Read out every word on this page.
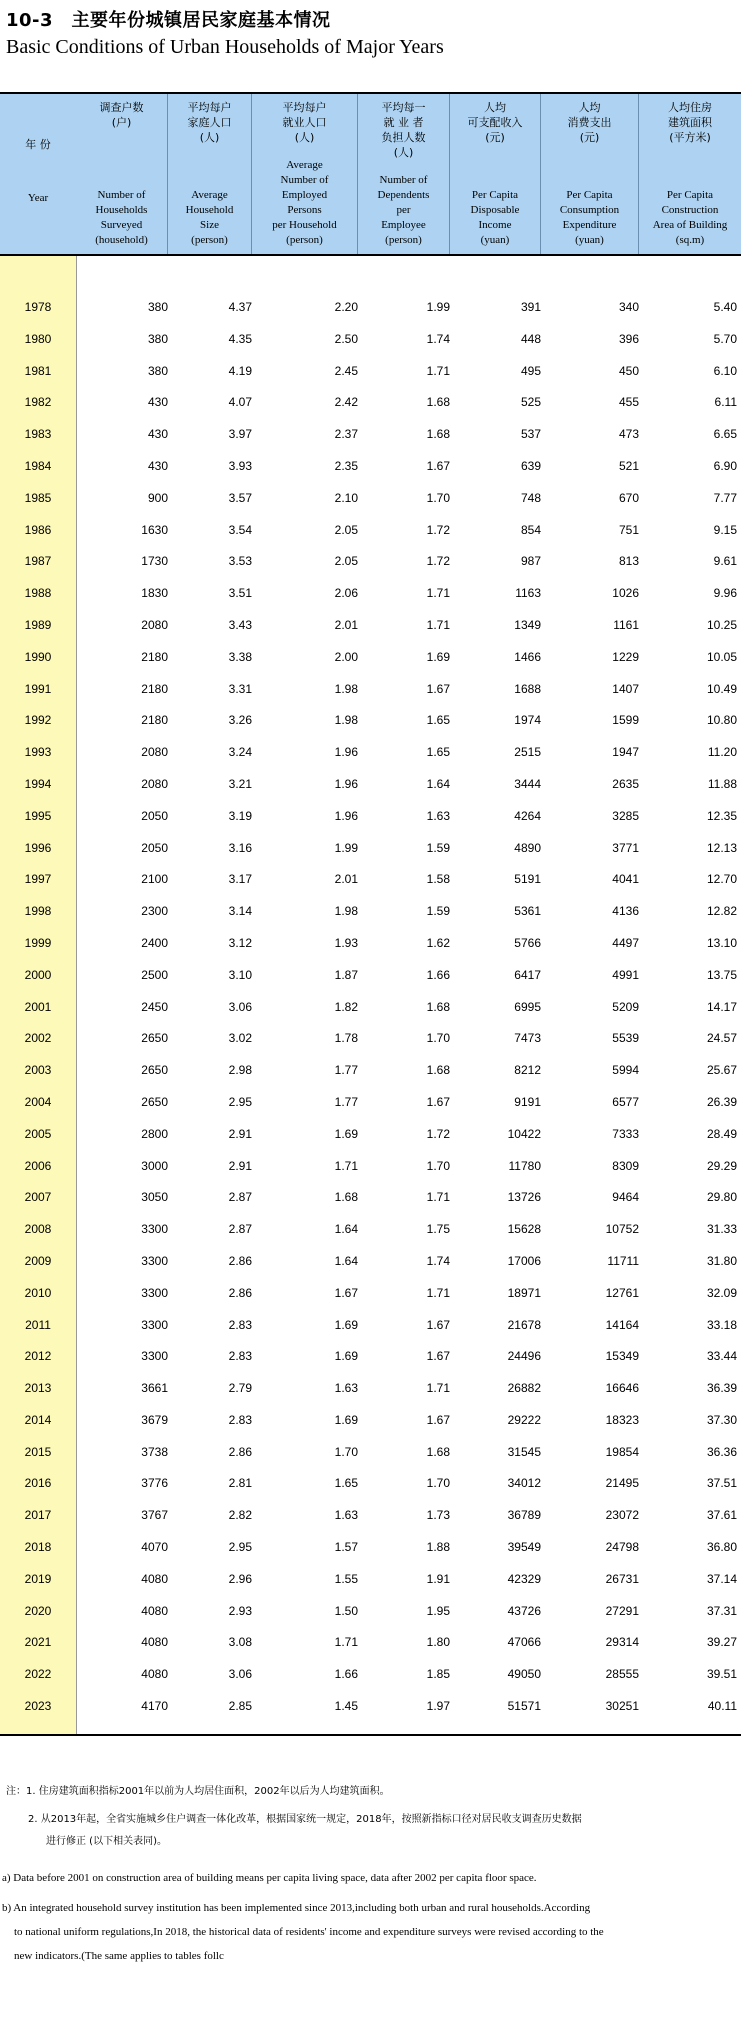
10-3　主要年份城镇居民家庭基本情况
Basic Conditions of Urban Households of Major Years
年 份
Year
调查户数
(户)
Number of
Households
Surveyed
(household)
平均每户
家庭人口
(人)
Average
Household
Size
(person)
平均每户
就业人口
(人)
Average
Number of
Employed
Persons
per Household
(person)
平均每一
就 业 者
负担人数
(人)
Number of
Dependents
per
Employee
(person)
人均
可支配收入
(元)
Per Capita
Disposable
Income
(yuan)
人均
消费支出
(元)
Per Capita
Consumption
Expenditure
(yuan)
人均住房
建筑面积
(平方米)
Per Capita
Construction
Area of Building
(sq.m)
1978	380	4.37	2.20	1.99	391	340	5.40
1980	380	4.35	2.50	1.74	448	396	5.70
1981	380	4.19	2.45	1.71	495	450	6.10
1982	430	4.07	2.42	1.68	525	455	6.11
1983	430	3.97	2.37	1.68	537	473	6.65
1984	430	3.93	2.35	1.67	639	521	6.90
1985	900	3.57	2.10	1.70	748	670	7.77
1986	1630	3.54	2.05	1.72	854	751	9.15
1987	1730	3.53	2.05	1.72	987	813	9.61
1988	1830	3.51	2.06	1.71	1163	1026	9.96
1989	2080	3.43	2.01	1.71	1349	1161	10.25
1990	2180	3.38	2.00	1.69	1466	1229	10.05
1991	2180	3.31	1.98	1.67	1688	1407	10.49
1992	2180	3.26	1.98	1.65	1974	1599	10.80
1993	2080	3.24	1.96	1.65	2515	1947	11.20
1994	2080	3.21	1.96	1.64	3444	2635	11.88
1995	2050	3.19	1.96	1.63	4264	3285	12.35
1996	2050	3.16	1.99	1.59	4890	3771	12.13
1997	2100	3.17	2.01	1.58	5191	4041	12.70
1998	2300	3.14	1.98	1.59	5361	4136	12.82
1999	2400	3.12	1.93	1.62	5766	4497	13.10
2000	2500	3.10	1.87	1.66	6417	4991	13.75
2001	2450	3.06	1.82	1.68	6995	5209	14.17
2002	2650	3.02	1.78	1.70	7473	5539	24.57
2003	2650	2.98	1.77	1.68	8212	5994	25.67
2004	2650	2.95	1.77	1.67	9191	6577	26.39
2005	2800	2.91	1.69	1.72	10422	7333	28.49
2006	3000	2.91	1.71	1.70	11780	8309	29.29
2007	3050	2.87	1.68	1.71	13726	9464	29.80
2008	3300	2.87	1.64	1.75	15628	10752	31.33
2009	3300	2.86	1.64	1.74	17006	11711	31.80
2010	3300	2.86	1.67	1.71	18971	12761	32.09
2011	3300	2.83	1.69	1.67	21678	14164	33.18
2012	3300	2.83	1.69	1.67	24496	15349	33.44
2013	3661	2.79	1.63	1.71	26882	16646	36.39
2014	3679	2.83	1.69	1.67	29222	18323	37.30
2015	3738	2.86	1.70	1.68	31545	19854	36.36
2016	3776	2.81	1.65	1.70	34012	21495	37.51
2017	3767	2.82	1.63	1.73	36789	23072	37.61
2018	4070	2.95	1.57	1.88	39549	24798	36.80
2019	4080	2.96	1.55	1.91	42329	26731	37.14
2020	4080	2.93	1.50	1.95	43726	27291	37.31
2021	4080	3.08	1.71	1.80	47066	29314	39.27
2022	4080	3.06	1.66	1.85	49050	28555	39.51
2023	4170	2.85	1.45	1.97	51571	30251	40.11
注：1. 住房建筑面积指标2001年以前为人均居住面积，2002年以后为人均建筑面积。
2. 从2013年起，全省实施城乡住户调查一体化改革，根据国家统一规定，2018年，按照新指标口径对居民收支调查历史数据
进行修正 (以下相关表同)。
a) Data before 2001 on construction area of building means per capita living space, data after 2002 per capita floor space.
b) An integrated household survey institution has been implemented since 2013,including both urban and rural households.According
to national uniform regulations,In 2018, the historical data of residents' income and expenditure surveys were revised according to the
new indicators.(The same applies to tables follc
